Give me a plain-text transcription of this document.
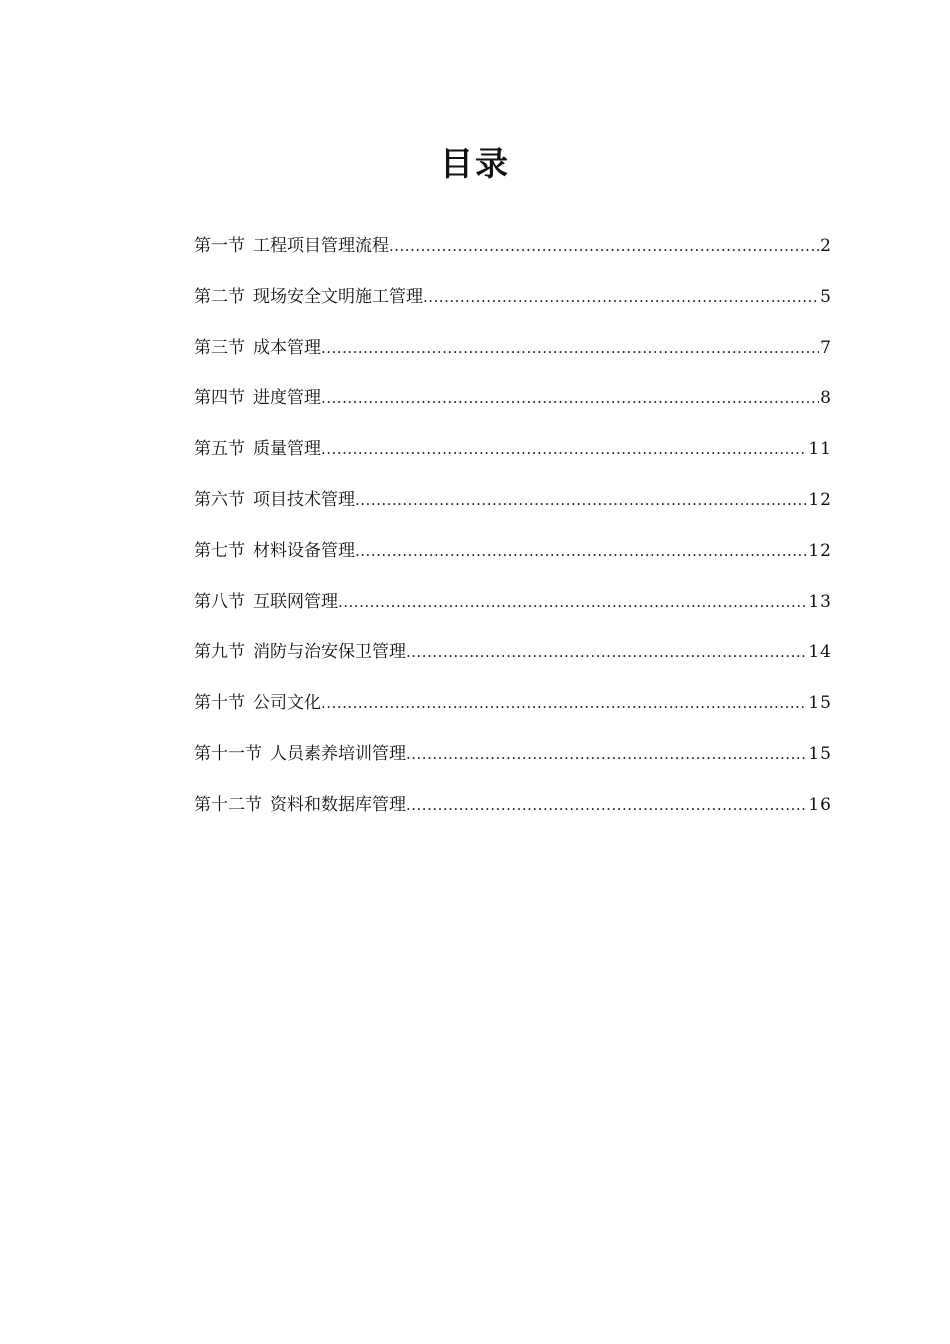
目录
第一节 工程项目管理流程 .....	2
第二节 现场安全文明施工管理 .....	5
第三节 成本管理 .....	7
第四节 进度管理 .....	8
第五节 质量管理 .....	11
第六节 项目技术管理 .....	12
第七节 材料设备管理 .....	12
第八节 互联网管理 .....	13
第九节 消防与治安保卫管理 .....	14
第十节 公司文化 .....	15
第十一节 人员素养培训管理 .....	15
第十二节 资料和数据库管理 .....	16
